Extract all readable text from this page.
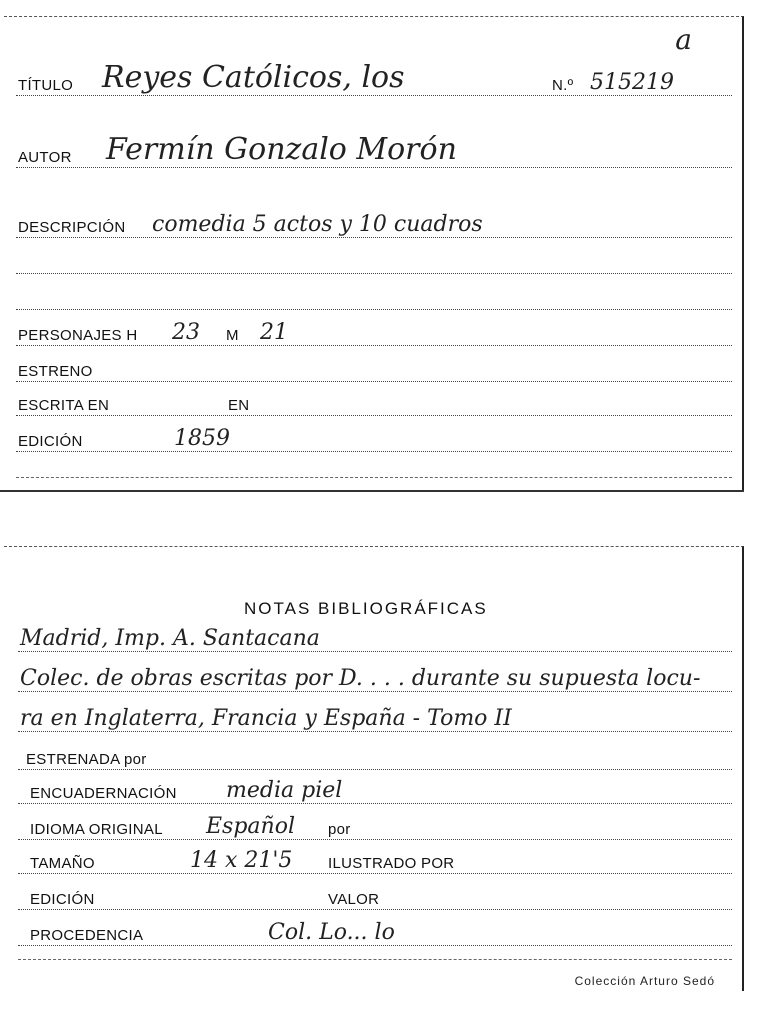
a
TÍTULO Reyes Católicos, los	N.º 515219
AUTOR Fermín Gonzalo Morón
DESCRIPCIÓN comedia 5 actos y 10 cuadros
PERSONAJES H 23 M 21
ESTRENO
ESCRITA EN	EN
EDICIÓN	1859
NOTAS BIBLIOGRÁFICAS
Madrid, Imp. A. Santacana
Colec. de obras escritas por D. . . . durante su supuesta locu-
ra en Inglaterra, Francia y España - Tomo II
ESTRENADA por
ENCUADERNACIÓN media piel
IDIOMA ORIGINAL Español por
TAMAÑO	14 x 21'5 ILUSTRADO POR
EDICIÓN	VALOR
PROCEDENCIA	Col. Lo... lo
Colección Arturo Sedó
